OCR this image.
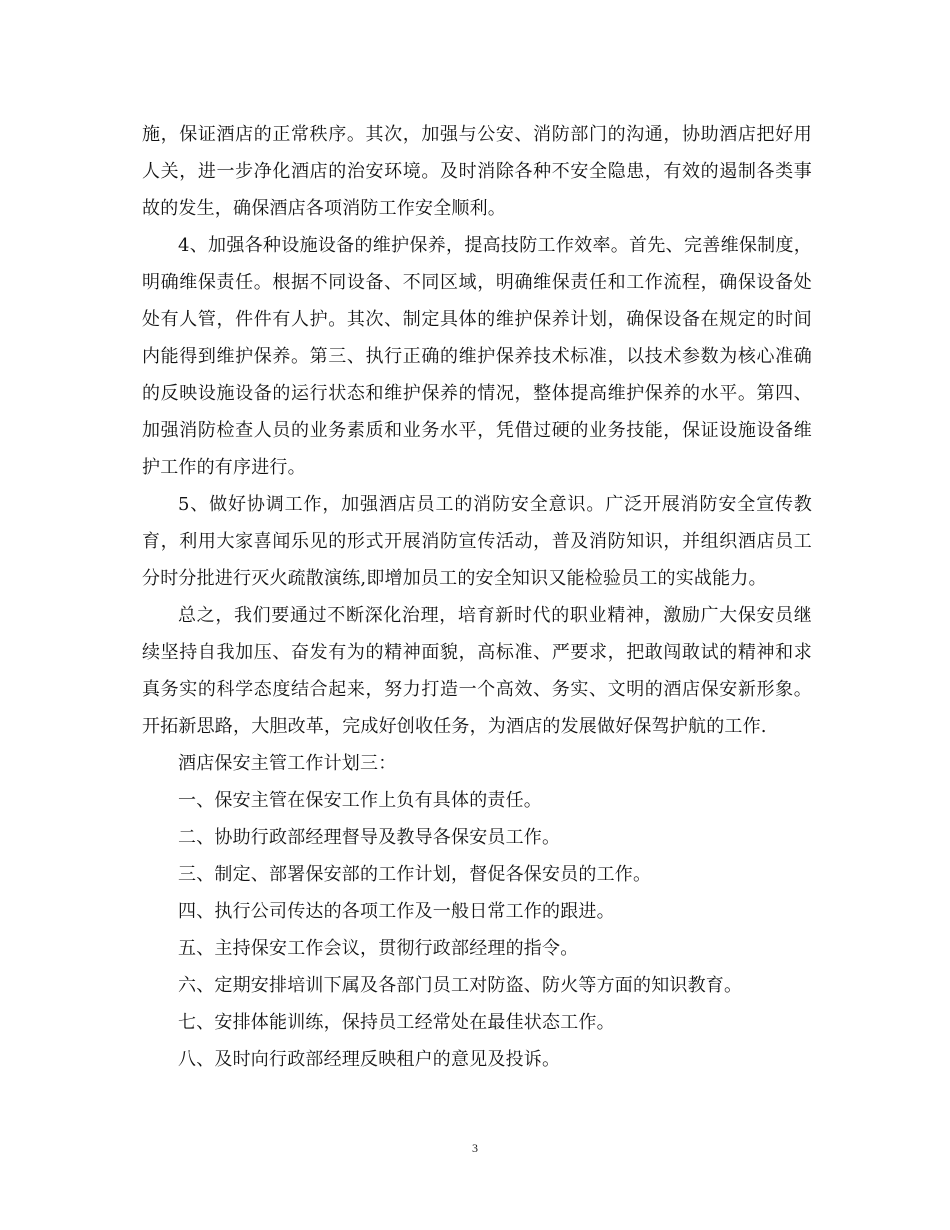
施，保证酒店的正常秩序。其次，加强与公安、消防部门的沟通，协助酒店把好用人关，进一步净化酒店的治安环境。及时消除各种不安全隐患，有效的遏制各类事故的发生，确保酒店各项消防工作安全顺利。

4、加强各种设施设备的维护保养，提高技防工作效率。首先、完善维保制度，明确维保责任。根据不同设备、不同区域，明确维保责任和工作流程，确保设备处处有人管，件件有人护。其次、制定具体的维护保养计划，确保设备在规定的时间内能得到维护保养。第三、执行正确的维护保养技术标准，以技术参数为核心准确的反映设施设备的运行状态和维护保养的情况，整体提高维护保养的水平。第四、加强消防检查人员的业务素质和业务水平，凭借过硬的业务技能，保证设施设备维护工作的有序进行。

5、做好协调工作，加强酒店员工的消防安全意识。广泛开展消防安全宣传教育，利用大家喜闻乐见的形式开展消防宣传活动，普及消防知识，并组织酒店员工分时分批进行灭火疏散演练,即增加员工的安全知识又能检验员工的实战能力。

总之，我们要通过不断深化治理，培育新时代的职业精神，激励广大保安员继续坚持自我加压、奋发有为的精神面貌，高标准、严要求，把敢闯敢试的精神和求真务实的科学态度结合起来，努力打造一个高效、务实、文明的酒店保安新形象。开拓新思路，大胆改革，完成好创收任务，为酒店的发展做好保驾护航的工作.

酒店保安主管工作计划三：

一、保安主管在保安工作上负有具体的责任。

二、协助行政部经理督导及教导各保安员工作。

三、制定、部署保安部的工作计划，督促各保安员的工作。

四、执行公司传达的各项工作及一般日常工作的跟进。

五、主持保安工作会议，贯彻行政部经理的指令。

六、定期安排培训下属及各部门员工对防盗、防火等方面的知识教育。

七、安排体能训练，保持员工经常处在最佳状态工作。

八、及时向行政部经理反映租户的意见及投诉。

3
